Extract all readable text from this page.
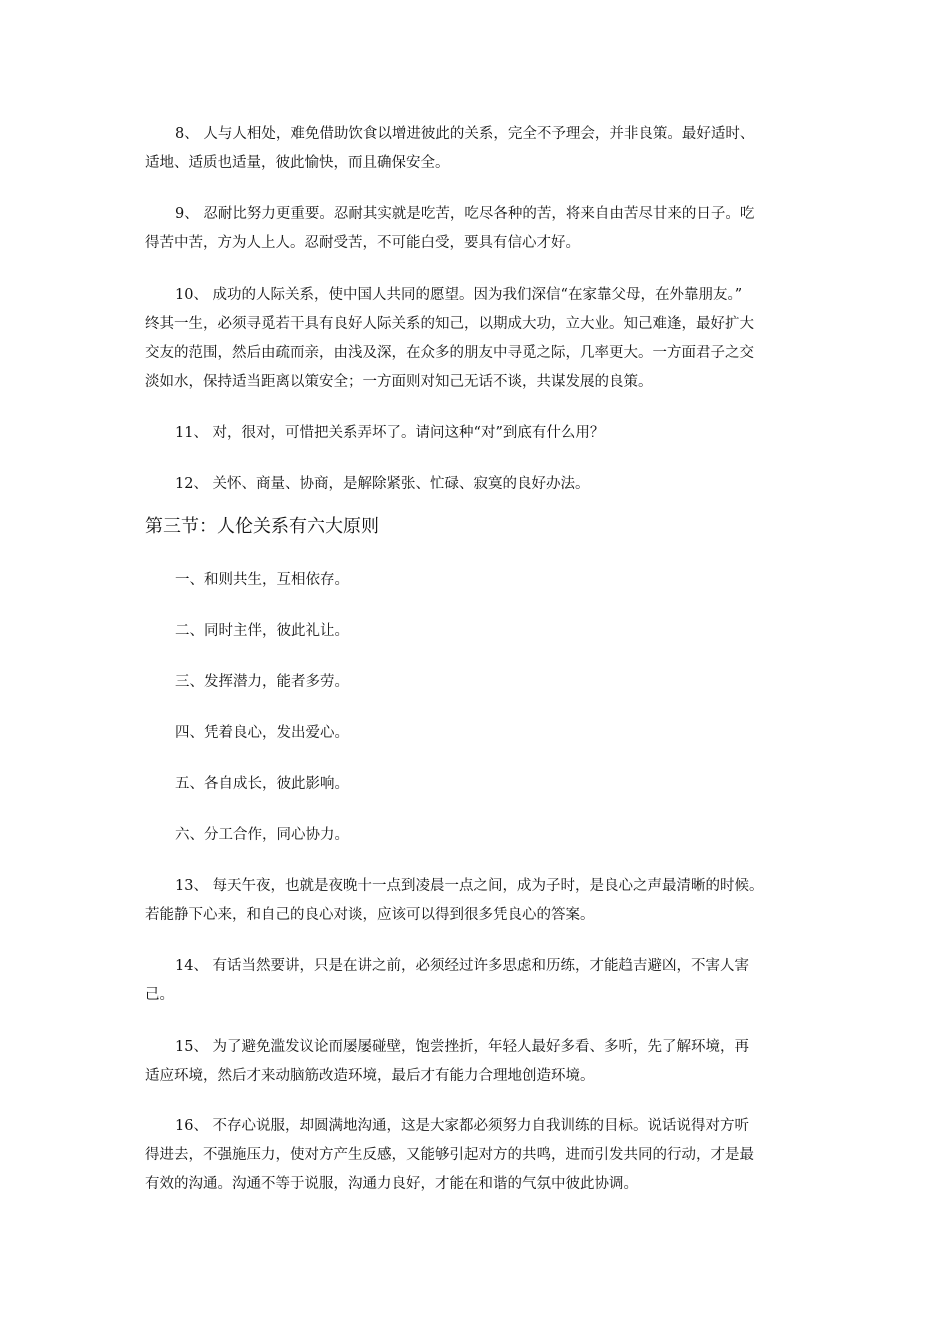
8、 人与人相处，难免借助饮食以增进彼此的关系，完全不予理会，并非良策。最好适时、
适地、适质也适量，彼此愉快，而且确保安全。
9、 忍耐比努力更重要。忍耐其实就是吃苦，吃尽各种的苦，将来自由苦尽甘来的日子。吃
得苦中苦，方为人上人。忍耐受苦，不可能白受，要具有信心才好。
10、 成功的人际关系，使中国人共同的愿望。因为我们深信“在家靠父母，在外靠朋友。”
终其一生，必须寻觅若干具有良好人际关系的知己，以期成大功，立大业。知己难逢，最好扩大
交友的范围，然后由疏而亲，由浅及深，在众多的朋友中寻觅之际，几率更大。一方面君子之交
淡如水，保持适当距离以策安全；一方面则对知己无话不谈，共谋发展的良策。
11、 对，很对，可惜把关系弄坏了。请问这种“对”到底有什么用？
12、 关怀、商量、协商，是解除紧张、忙碌、寂寞的良好办法。
第三节：人伦关系有六大原则
一、和则共生，互相依存。
二、同时主伴，彼此礼让。
三、发挥潜力，能者多劳。
四、凭着良心，发出爱心。
五、各自成长，彼此影响。
六、分工合作，同心协力。
13、 每天午夜，也就是夜晚十一点到凌晨一点之间，成为子时，是良心之声最清晰的时候。
若能静下心来，和自己的良心对谈，应该可以得到很多凭良心的答案。
14、 有话当然要讲，只是在讲之前，必须经过许多思虑和历练，才能趋吉避凶，不害人害
己。
15、 为了避免滥发议论而屡屡碰壁，饱尝挫折，年轻人最好多看、多听，先了解环境，再
适应环境，然后才来动脑筋改造环境，最后才有能力合理地创造环境。
16、 不存心说服，却圆满地沟通，这是大家都必须努力自我训练的目标。说话说得对方听
得进去，不强施压力，使对方产生反感，又能够引起对方的共鸣，进而引发共同的行动，才是最
有效的沟通。沟通不等于说服，沟通力良好，才能在和谐的气氛中彼此协调。
